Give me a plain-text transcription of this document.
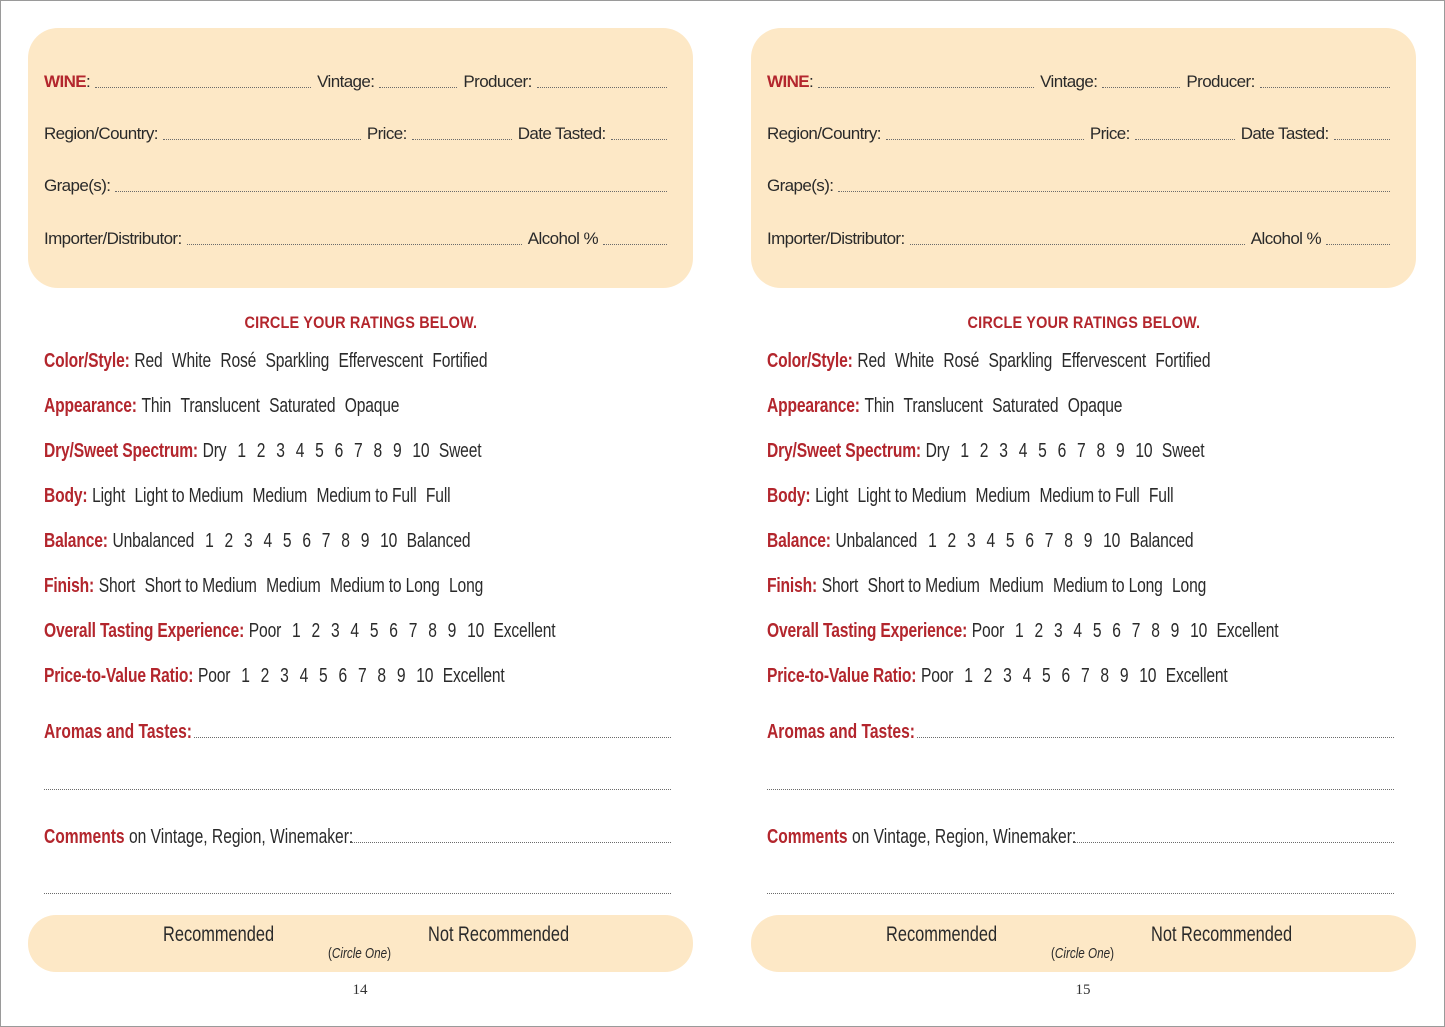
WINE:	Vintage:	Producer:
Region/Country:	Price:	Date Tasted:
Grape(s):
Importer/Distributor:	Alcohol %
CIRCLE YOUR RATINGS BELOW.
Color/Style: Red White Rosé Sparkling Effervescent Fortified
Appearance: Thin Translucent Saturated Opaque
Dry/Sweet Spectrum: Dry 1 2 3 4 5 6 7 8 9 10 Sweet
Body: Light Light to Medium Medium Medium to Full Full
Balance: Unbalanced 1 2 3 4 5 6 7 8 9 10 Balanced
Finish: Short Short to Medium Medium Medium to Long Long
Overall Tasting Experience: Poor 1 2 3 4 5 6 7 8 9 10 Excellent
Price-to-Value Ratio: Poor 1 2 3 4 5 6 7 8 9 10 Excellent
Aromas and Tastes:
Comments on Vintage, Region, Winemaker:
Recommended
(Circle One)
Not Recommended
14
WINE:	Vintage:	Producer:
Region/Country:	Price:	Date Tasted:
Grape(s):
Importer/Distributor:	Alcohol %
CIRCLE YOUR RATINGS BELOW.
Color/Style: Red White Rosé Sparkling Effervescent Fortified
Appearance: Thin Translucent Saturated Opaque
Dry/Sweet Spectrum: Dry 1 2 3 4 5 6 7 8 9 10 Sweet
Body: Light Light to Medium Medium Medium to Full Full
Balance: Unbalanced 1 2 3 4 5 6 7 8 9 10 Balanced
Finish: Short Short to Medium Medium Medium to Long Long
Overall Tasting Experience: Poor 1 2 3 4 5 6 7 8 9 10 Excellent
Price-to-Value Ratio: Poor 1 2 3 4 5 6 7 8 9 10 Excellent
Aromas and Tastes:
Comments on Vintage, Region, Winemaker:
Recommended
(Circle One)
Not Recommended
15
